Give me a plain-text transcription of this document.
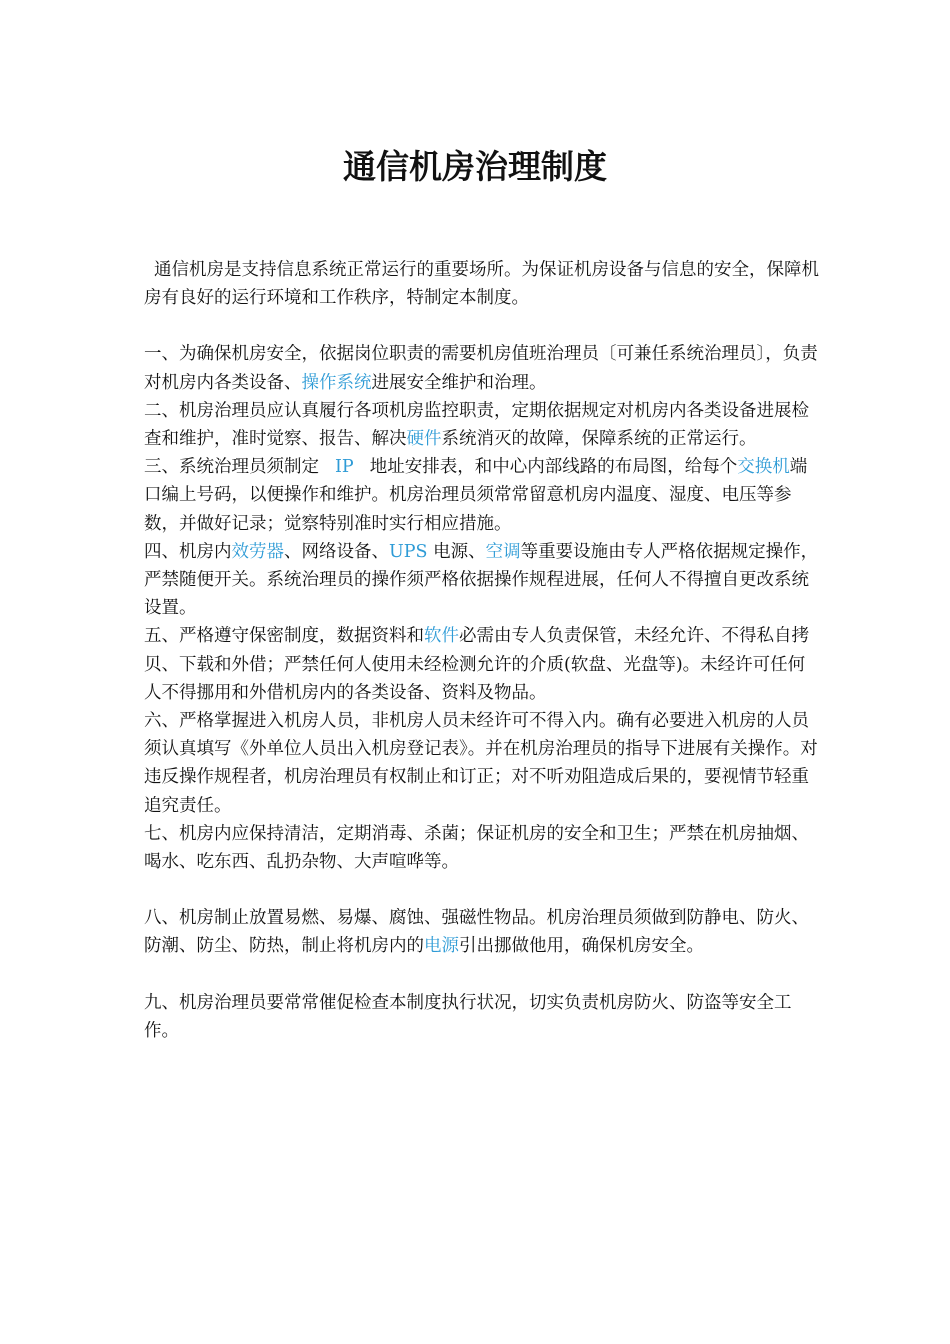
通信机房治理制度

通信机房是支持信息系统正常运行的重要场所。为保证机房设备与信息的安全，保障机房有良好的运行环境和工作秩序，特制定本制度。

一、为确保机房安全，依据岗位职责的需要机房值班治理员〔可兼任系统治理员〕，负责对机房内各类设备、操作系统进展安全维护和治理。

二、机房治理员应认真履行各项机房监控职责，定期依据规定对机房内各类设备进展检查和维护，准时觉察、报告、解决硬件系统消灭的故障，保障系统的正常运行。

三、系统治理员须制定 IP 地址安排表，和中心内部线路的布局图，给每个交换机端口编上号码，以便操作和维护。机房治理员须常常留意机房内温度、湿度、电压等参数，并做好记录；觉察特别准时实行相应措施。

四、机房内效劳器、网络设备、UPS 电源、空调等重要设施由专人严格依据规定操作，严禁随便开关。系统治理员的操作须严格依据操作规程进展，任何人不得擅自更改系统设置。

五、严格遵守保密制度，数据资料和软件必需由专人负责保管，未经允许、不得私自拷贝、下载和外借；严禁任何人使用未经检测允许的介质(软盘、光盘等)。未经许可任何人不得挪用和外借机房内的各类设备、资料及物品。

六、严格掌握进入机房人员，非机房人员未经许可不得入内。确有必要进入机房的人员须认真填写《外单位人员出入机房登记表》。并在机房治理员的指导下进展有关操作。对违反操作规程者，机房治理员有权制止和订正；对不听劝阻造成后果的，要视情节轻重追究责任。

七、机房内应保持清洁，定期消毒、杀菌；保证机房的安全和卫生；严禁在机房抽烟、喝水、吃东西、乱扔杂物、大声喧哗等。

八、机房制止放置易燃、易爆、腐蚀、强磁性物品。机房治理员须做到防静电、防火、防潮、防尘、防热，制止将机房内的电源引出挪做他用，确保机房安全。

九、机房治理员要常常催促检查本制度执行状况，切实负责机房防火、防盗等安全工作。
